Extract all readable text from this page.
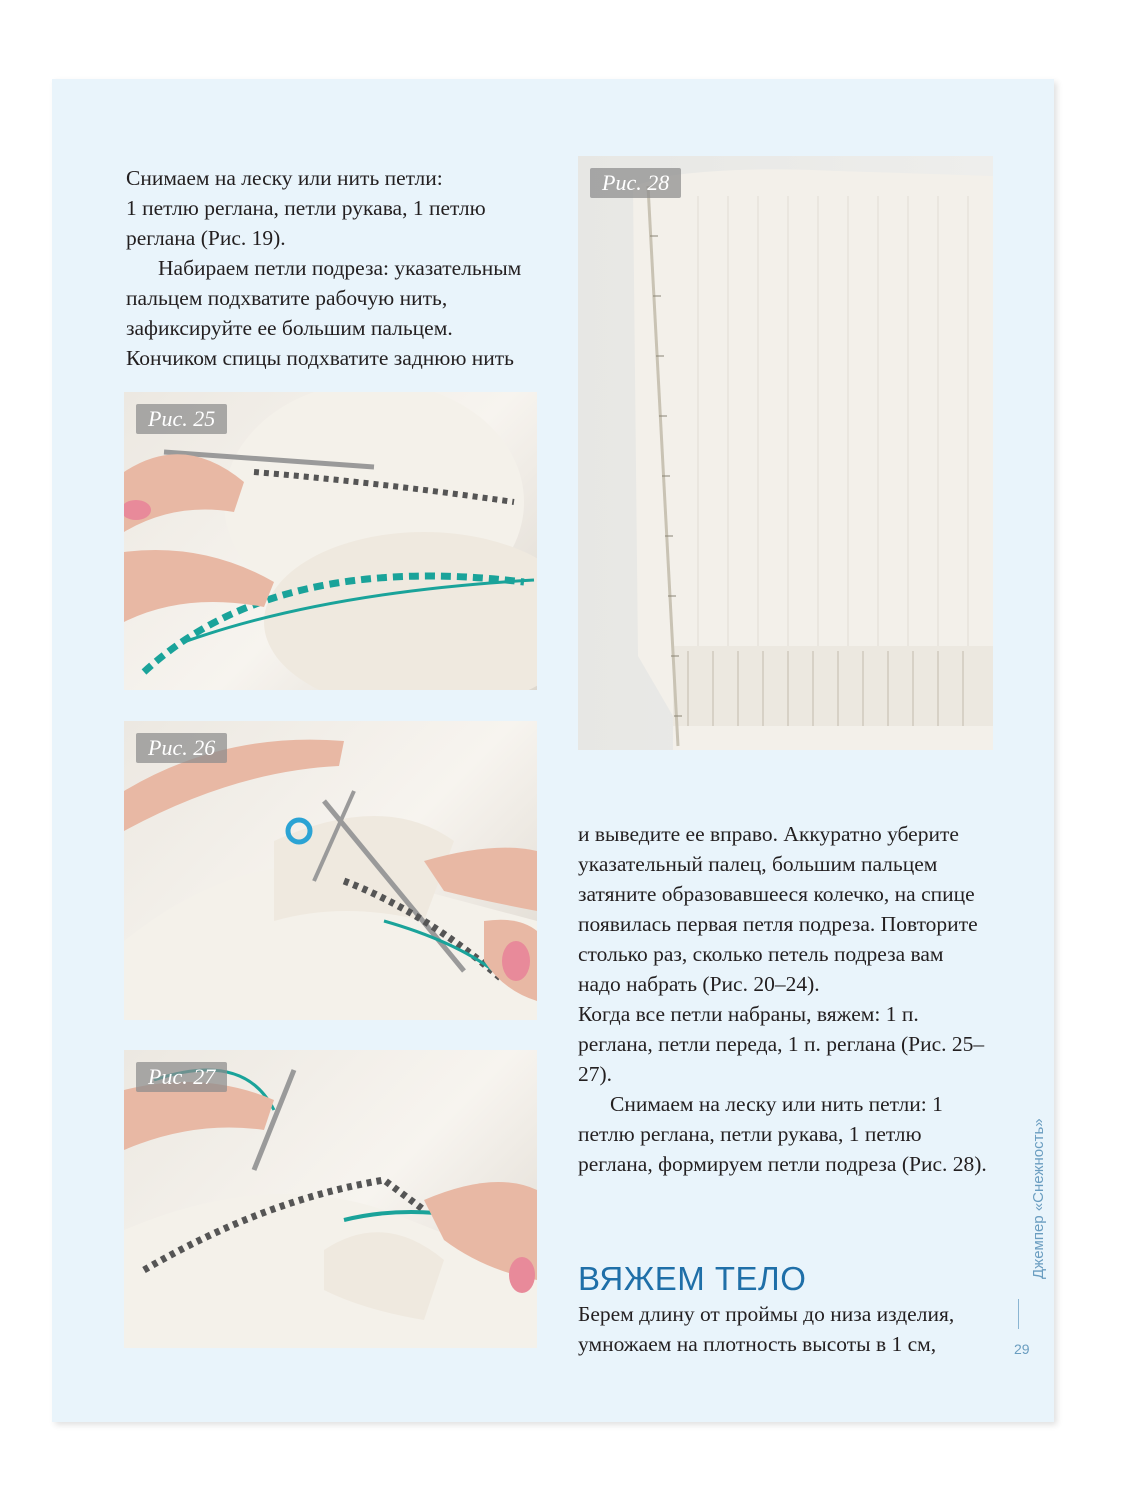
Снимаем на леску или нить петли:

1 петлю реглана, петли рукава, 1 петлю реглана (Рис. 19).

Набираем петли подреза: указательным пальцем подхватите рабочую нить, зафиксируйте ее большим пальцем. Кончиком спицы подхватите заднюю нить

Рис. 25
Рис. 26
Рис. 27
Рис. 28

и выведите ее вправо. Аккуратно уберите указательный палец, большим пальцем затяните образовавшееся колечко, на спице появилась первая петля подреза. Повторите столько раз, сколько петель подреза вам надо набрать (Рис. 20–24).

Когда все петли набраны, вяжем: 1 п. реглана, петли переда, 1 п. реглана (Рис. 25–27).

Снимаем на леску или нить петли: 1 петлю реглана, петли рукава, 1 петлю реглана, формируем петли подреза (Рис. 28).

ВЯЖЕМ ТЕЛО

Берем длину от проймы до низа изделия, умножаем на плотность высоты в 1 см,

Джемпер «Снежность»
29
